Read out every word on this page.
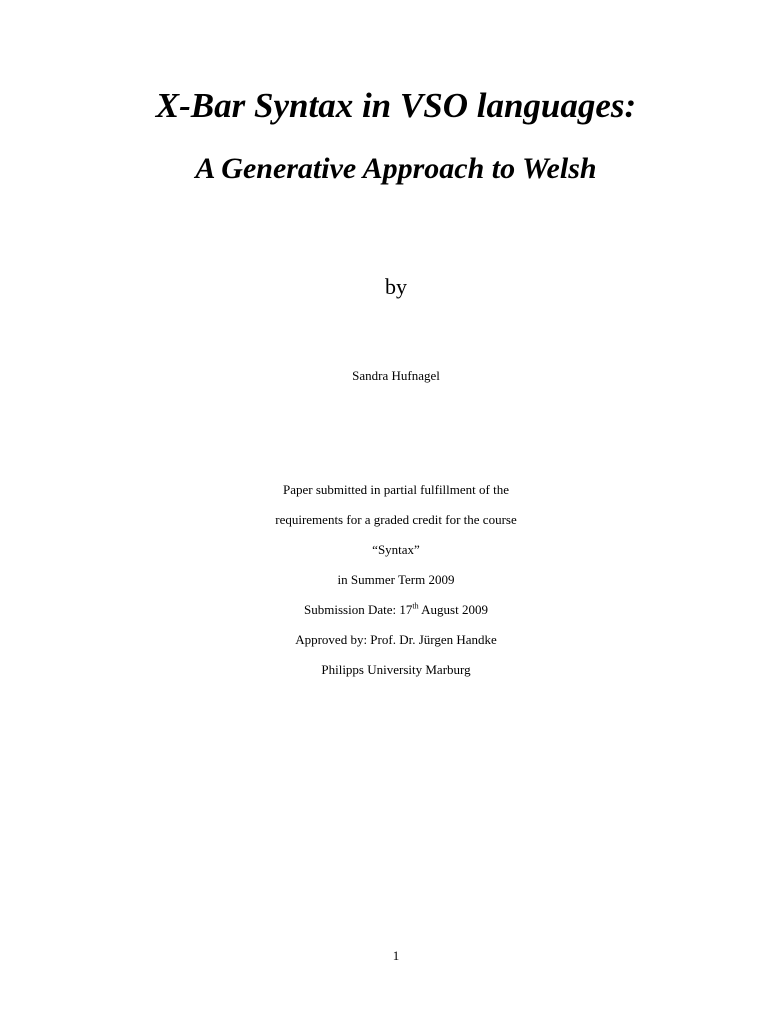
X-Bar Syntax in VSO languages:
A Generative Approach to Welsh
by
Sandra Hufnagel
Paper submitted in partial fulfillment of the
requirements for a graded credit for the course
“Syntax”
in Summer Term 2009
Submission Date: 17th August 2009
Approved by: Prof. Dr. Jürgen Handke
Philipps University Marburg
1
